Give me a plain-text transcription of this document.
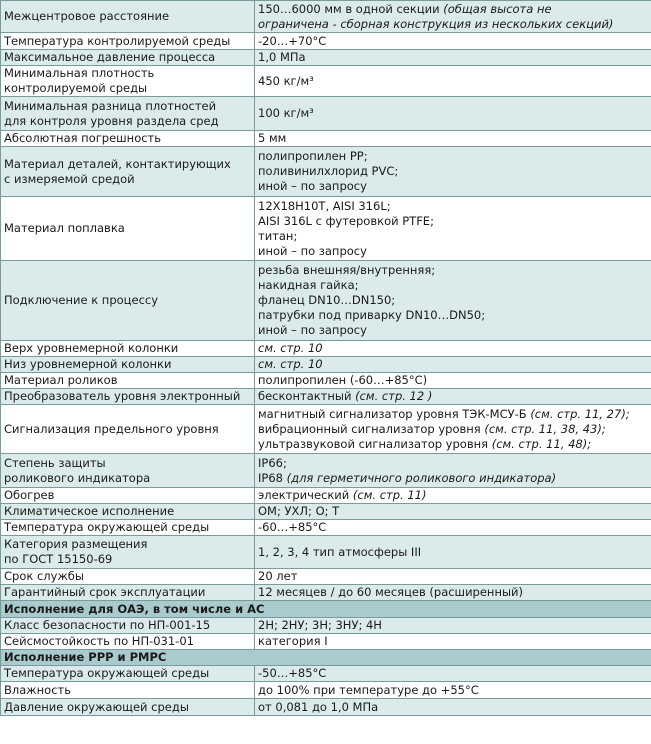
Межцентровое расстояние	150…6000 мм в одной секции (общая высота не
ограничена - сборная конструкция из нескольких секций)

Температура контролируемой среды	-20…+70°С

Максимальное давление процесса	1,0 МПа

Минимальная плотность
контролируемой среды	450 кг/м³

Минимальная разница плотностей
для контроля уровня раздела сред	100 кг/м³

Абсолютная погрешность	5 мм

Материал деталей, контактирующих
с измеряемой средой	полипропилен PP;
поливинилхлорид PVC;
иной – по запросу

Материал поплавка	12Х18Н10Т, AISI 316L;
AISI 316L с футеровкой PTFE;
титан;
иной – по запросу

Подключение к процессу	резьба внешняя/внутренняя;
накидная гайка;
фланец DN10…DN150;
патрубки под приварку DN10…DN50;
иной – по запросу

Верх уровнемерной колонки	см. стр. 10

Низ уровнемерной колонки	см. стр. 10

Материал роликов	полипропилен (-60…+85°С)

Преобразователь уровня электронный	бесконтактный (см. стр. 12 )

Сигнализация предельного уровня	магнитный сигнализатор уровня ТЭК-МСУ-Б (см. стр. 11, 27);
вибрационный сигнализатор уровня (см. стр. 11, 38, 43);
ультразвуковой сигнализатор уровня (см. стр. 11, 48);

Степень защиты
роликового индикатора	IP66;
IP68 (для герметичного роликового индикатора)

Обогрев	электрический (см. стр. 11)

Климатическое исполнение	ОМ; УХЛ; О; Т

Температура окружающей среды	-60…+85°С

Категория размещения
по ГОСТ 15150-69	1, 2, 3, 4 тип атмосферы III

Срок службы	20 лет

Гарантийный срок эксплуатации	12 месяцев / до 60 месяцев (расширенный)

Исполнение для ОАЭ, в том числе и АС	

Класс безопасности по НП-001-15	2Н; 2НУ; 3Н; 3НУ; 4Н

Сейсмостойкость по НП-031-01	категория I

Исполнение РРР и РМРС	

Температура окружающей среды	-50…+85°С

Влажность	до 100% при температуре до +55°С

Давление окружающей среды	от 0,081 до 1,0 МПа
